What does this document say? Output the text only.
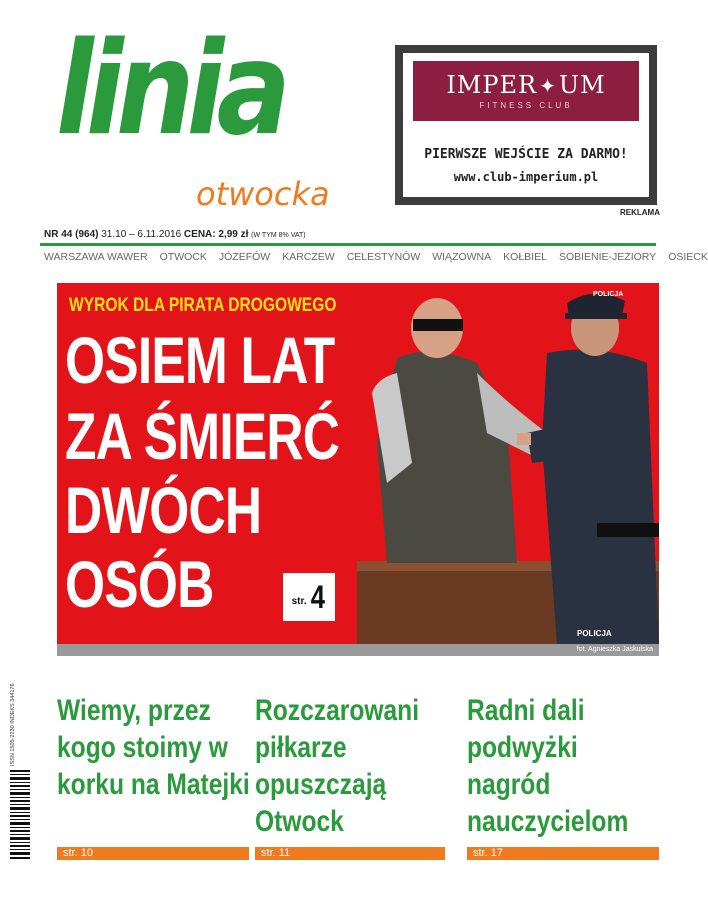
linia
otwocka
IMPER ✦UM
FITNESS CLUB
PIERWSZE WEJŚCIE ZA DARMO!
www.club-imperium.pl
REKLAMA
NR 44 (964) 31.10 – 6.11.2016 CENA: 2,99 zł (W TYM 8% VAT)
WARSZAWA WAWER OTWOCK JÓZEFÓW KARCZEW CELESTYNÓW WIĄZOWNA KOŁBIEL SOBIENIE-JEZIORY OSIECK
WYROK DLA PIRATA DROGOWEGO
OSIEM LAT
ZA ŚMIERĆ
DWÓCH
OSÓB	str. 4
POLICJA
POLICJA
fot. Agnieszka Jaskulska
ISSN 1505-2230 INDEKS 344176 Wiemy, przez kogo stoimy w korku na Matejki
str. 10
Rozczarowani piłkarze opuszczają Otwock
str. 11
Radni dali podwyżki nagród nauczycielom
str. 17
